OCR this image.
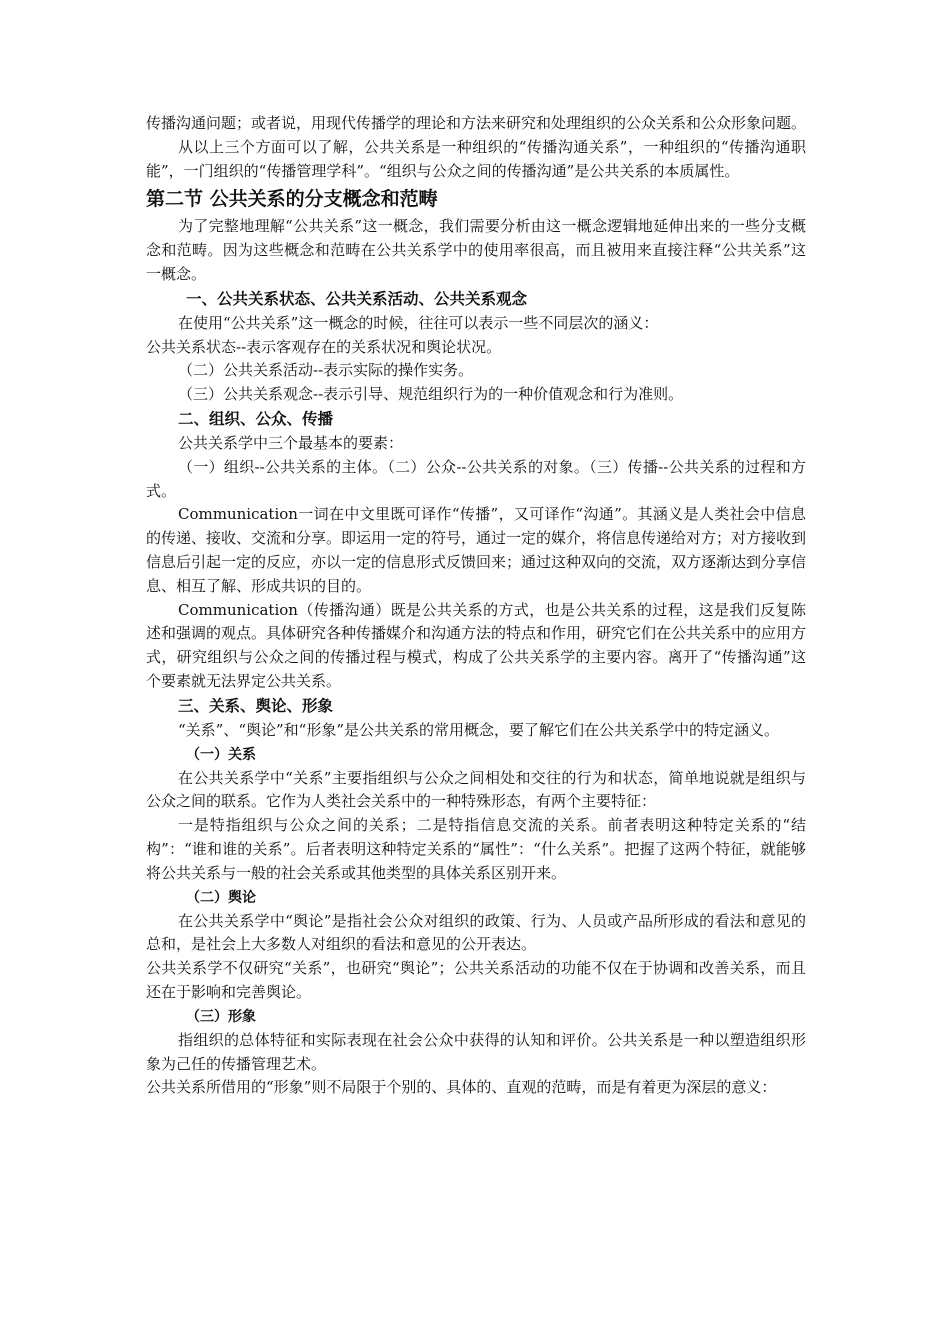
传播沟通问题；或者说，用现代传播学的理论和方法来研究和处理组织的公众关系和公众形象问题。

从以上三个方面可以了解，公共关系是一种组织的“传播沟通关系”，一种组织的“传播沟通职能”，一门组织的“传播管理学科”。“组织与公众之间的传播沟通”是公共关系的本质属性。

第二节 公共关系的分支概念和范畴

为了完整地理解“公共关系”这一概念，我们需要分析由这一概念逻辑地延伸出来的一些分支概念和范畴。因为这些概念和范畴在公共关系学中的使用率很高，而且被用来直接注释“公共关系”这一概念。

一、公共关系状态、公共关系活动、公共关系观念

在使用“公共关系”这一概念的时候，往往可以表示一些不同层次的涵义：

公共关系状态--表示客观存在的关系状况和舆论状况。

（二）公共关系活动--表示实际的操作实务。

（三）公共关系观念--表示引导、规范组织行为的一种价值观念和行为准则。

二、组织、公众、传播

公共关系学中三个最基本的要素：

（一）组织--公共关系的主体。（二）公众--公共关系的对象。（三）传播--公共关系的过程和方式。

Communication一词在中文里既可译作“传播”，又可译作“沟通”。其涵义是人类社会中信息的传递、接收、交流和分享。即运用一定的符号，通过一定的媒介，将信息传递给对方；对方接收到信息后引起一定的反应，亦以一定的信息形式反馈回来；通过这种双向的交流，双方逐渐达到分享信息、相互了解、形成共识的目的。

Communication（传播沟通）既是公共关系的方式，也是公共关系的过程，这是我们反复陈述和强调的观点。具体研究各种传播媒介和沟通方法的特点和作用，研究它们在公共关系中的应用方式，研究组织与公众之间的传播过程与模式，构成了公共关系学的主要内容。离开了“传播沟通”这个要素就无法界定公共关系。

三、关系、舆论、形象

“关系”、“舆论”和“形象”是公共关系的常用概念，要了解它们在公共关系学中的特定涵义。

（一）关系

在公共关系学中“关系”主要指组织与公众之间相处和交往的行为和状态，简单地说就是组织与公众之间的联系。它作为人类社会关系中的一种特殊形态，有两个主要特征：

一是特指组织与公众之间的关系；二是特指信息交流的关系。前者表明这种特定关系的“结构”：“谁和谁的关系”。后者表明这种特定关系的“属性”：“什么关系”。把握了这两个特征，就能够将公共关系与一般的社会关系或其他类型的具体关系区别开来。

（二）舆论

在公共关系学中“舆论”是指社会公众对组织的政策、行为、人员或产品所形成的看法和意见的总和，是社会上大多数人对组织的看法和意见的公开表达。

公共关系学不仅研究“关系”，也研究“舆论”；公共关系活动的功能不仅在于协调和改善关系，而且还在于影响和完善舆论。

（三）形象

指组织的总体特征和实际表现在社会公众中获得的认知和评价。公共关系是一种以塑造组织形象为己任的传播管理艺术。

公共关系所借用的“形象”则不局限于个别的、具体的、直观的范畴，而是有着更为深层的意义：
